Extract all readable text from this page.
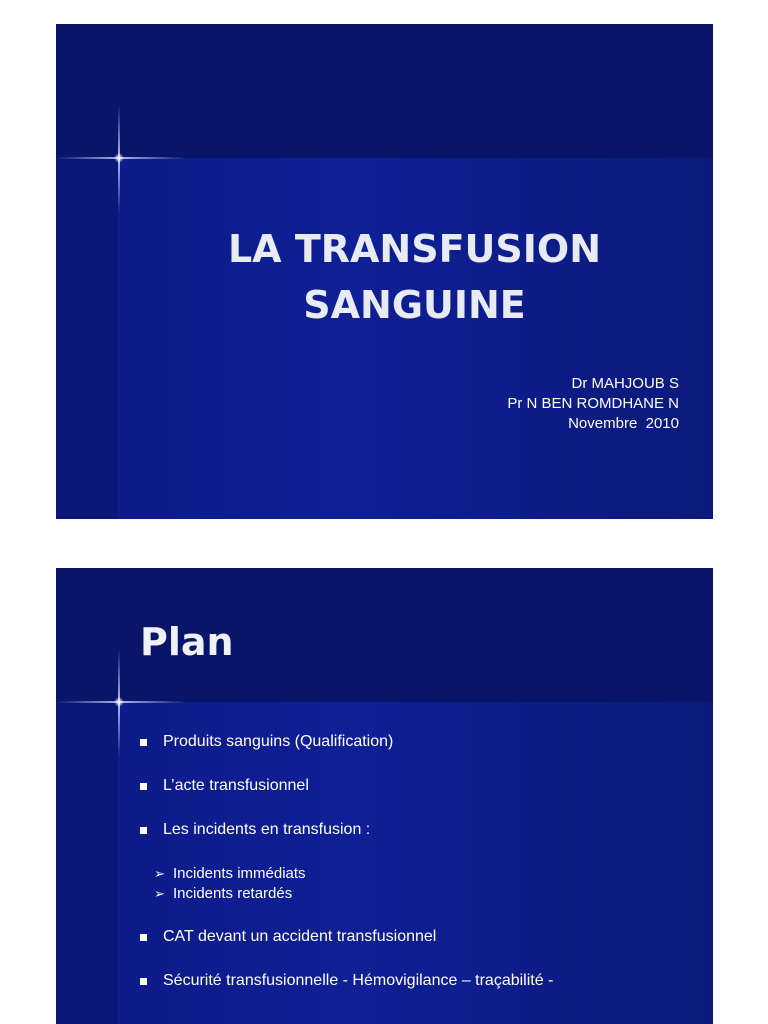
LA TRANSFUSION
SANGUINE
Dr MAHJOUB S
Pr N BEN ROMDHANE N
Novembre  2010
Plan
Produits sanguins (Qualification)
L’acte transfusionnel
Les incidents en transfusion :
➢ Incidents immédiats
➢ Incidents retardés
CAT devant un accident transfusionnel
Sécurité transfusionnelle - Hémovigilance – traçabilité -
